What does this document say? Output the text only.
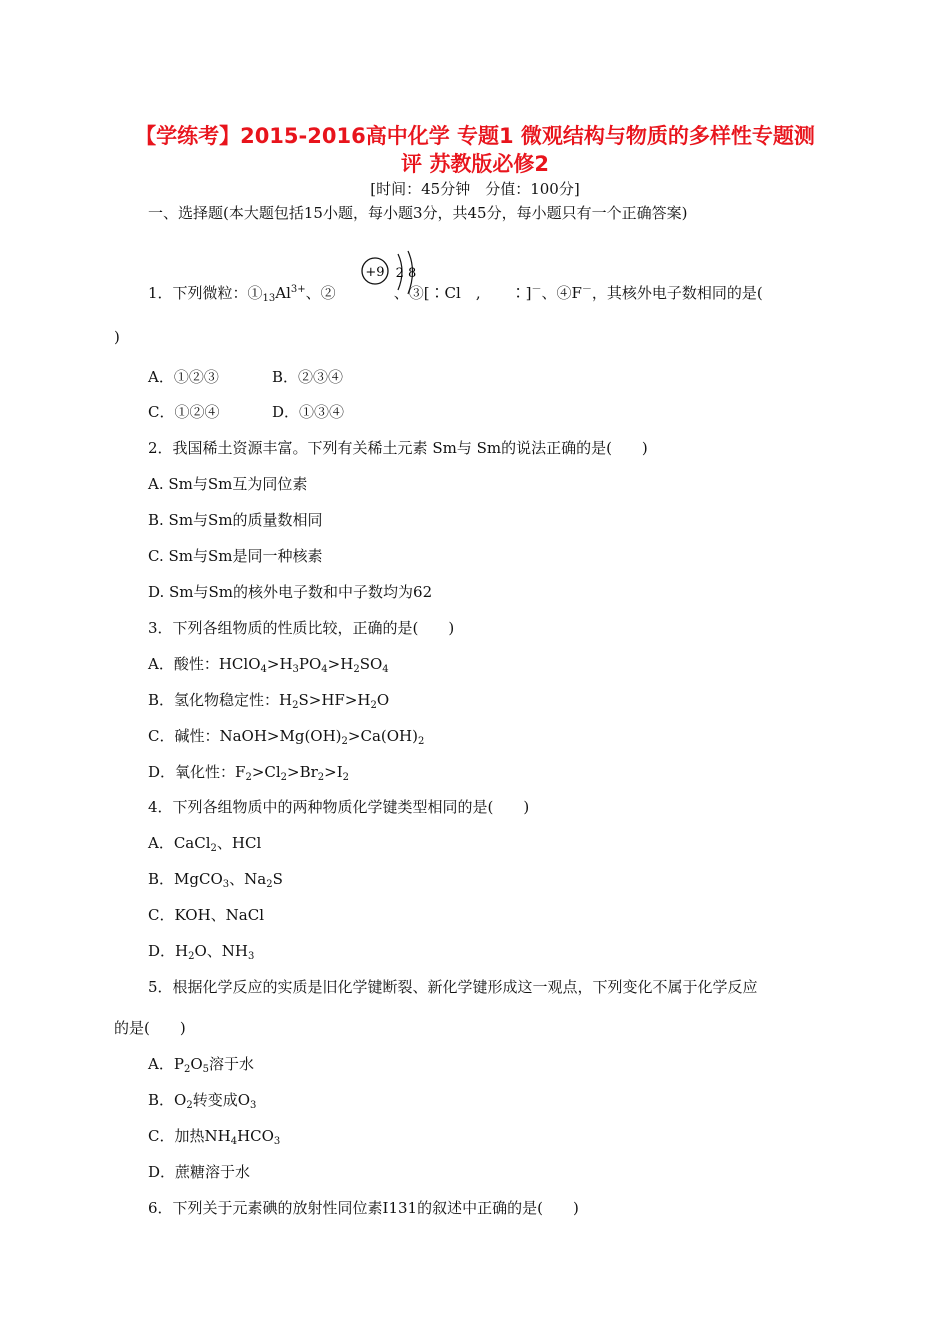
【学练考】2015-2016高中化学 专题1 微观结构与物质的多样性专题测
评 苏教版必修2
[时间：45分钟　分值：100分]
一、选择题(本大题包括15小题，每小题3分，共45分，每小题只有一个正确答案)
1．下列微粒：$①_{13}Al^{3+}$、②	、③[∶Cl　,　　∶]－、④F－，其核外电子数相同的是(
+9 2 8
)
A．①②③	B．②③④
C．①②④	D．①③④
2．我国稀土资源丰富。下列有关稀土元素 Sm与 Sm的说法正确的是(　　)
A. Sm与Sm互为同位素
B. Sm与Sm的质量数相同
C. Sm与Sm是同一种核素
D. Sm与Sm的核外电子数和中子数均为62
3．下列各组物质的性质比较，正确的是(　　)
A．酸性：$HClO_4>H_3PO_4>H_2SO_4$
B．氢化物稳定性：$H_2S>HF>H_2O$
C．碱性：$NaOH>Mg(OH)_2>Ca(OH)_2$
D．氧化性：$F_2>Cl_2>Br_2>I_2$
4．下列各组物质中的两种物质化学键类型相同的是(　　)
A．CaCl$_2$、HCl
B．MgCO$_3$、$Na_2S$
C．KOH、NaCl
D．$H_2O$、$NH_3$
5．根据化学反应的实质是旧化学键断裂、新化学键形成这一观点，下列变化不属于化学反应
的是(　　)
A．$P_2O_5$溶于水
B．$O_2$转变成$O_3$
C．加热$NH_4HCO_3$
D．蔗糖溶于水
6．下列关于元素碘的放射性同位素I131的叙述中正确的是(　　)
